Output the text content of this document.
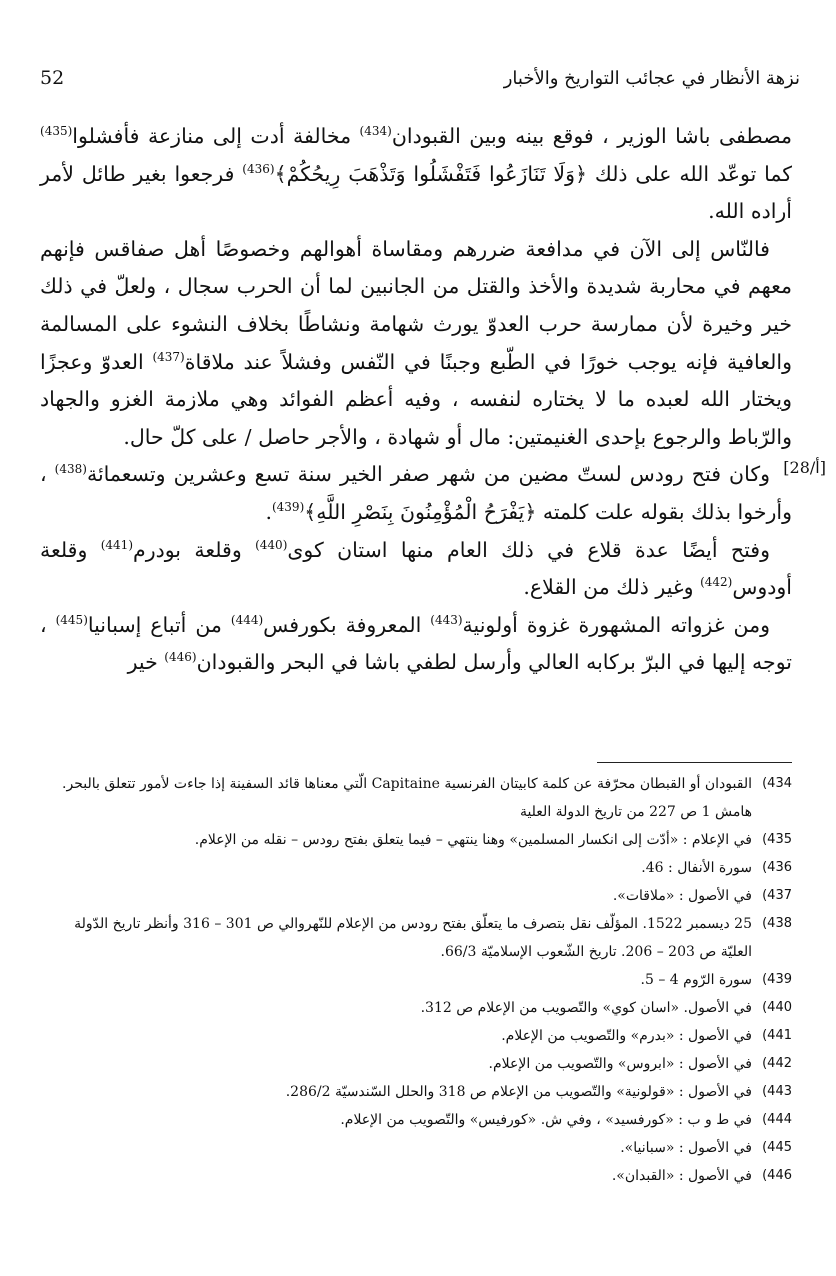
52	نزهة الأنظار في عجائب التواريخ والأخبار
[28/أ]

مصطفى باشا الوزير ، فوقع بينه وبين القبودان$^{(434)}$ مخالفة أدت إلى منازعة فأفشلوا$^{(435)}$ كما توعّد الله على ذلك ﴿وَلَا تَنَازَعُوا فَتَفْشَلُوا وَتَذْهَبَ رِيحُكُمْ﴾$^{(436)}$ فرجعوا بغير طائل لأمر أراده الله.

فالنّاس إلى الآن في مدافعة ضررهم ومقاساة أهوالهم وخصوصًا أهل صفاقس فإنهم معهم في محاربة شديدة والأخذ والقتل من الجانبين لما أن الحرب سجال ، ولعلّ في ذلك خير وخيرة لأن ممارسة حرب العدوّ يورث شهامة ونشاطًا بخلاف النشوء على المسالمة والعافية فإنه يوجب خورًا في الطّبع وجبنًا في النّفس وفشلاً عند ملاقاة$^{(437)}$ العدوّ وعجزًا ويختار الله لعبده ما لا يختاره لنفسه ، وفيه أعظم الفوائد وهي ملازمة الغزو والجهاد والرّباط والرجوع بإحدى الغنيمتين: مال أو شهادة ، والأجر حاصل / على كلّ حال.

وكان فتح رودس لستّ مضين من شهر صفر الخير سنة تسع وعشرين وتسعمائة$^{(438)}$ ، وأرخوا بذلك بقوله علت كلمته ﴿يَفْرَحُ الْمُؤْمِنُونَ بِنَصْرِ اللَّهِ﴾$^{(439)}$.

وفتح أيضًا عدة قلاع في ذلك العام منها استان كوى$^{(440)}$ وقلعة بودرم$^{(441)}$ وقلعة أودوس$^{(442)}$ وغير ذلك من القلاع.

ومن غزواته المشهورة غزوة أولونية$^{(443)}$ المعروفة بكورفس$^{(444)}$ من أتباع إسبانيا$^{(445)}$ ، توجه إليها في البرّ بركابه العالي وأرسل لطفي باشا في البحر والقبودان$^{(446)}$ خير

434)
القبودان أو القبطان محرّفة عن كلمة كابيتان الفرنسية Capitaine الّتي معناها قائد السفينة إذا جاءت لأمور تتعلق بالبحر. هامش 1 ص 227 من تاريخ الدولة العلية
435)
في الإعلام : «أدّت إلى انكسار المسلمين» وهنا ينتهي – فيما يتعلق بفتح رودس – نقله من الإعلام.
436)
سورة الأنفال : 46.
437)
في الأصول : «ملاقات».
438)
25 ديسمبر 1522. المؤلّف نقل بتصرف ما يتعلّق بفتح رودس من الإعلام للنّهروالي ص 301 – 316 وأنظر تاريخ الدّولة العليّة ص 203 – 206. تاريخ الشّعوب الإسلاميّة 66/3.
439)
سورة الرّوم 4 – 5.
440)
في الأصول. «اسان كوي» والتّصويب من الإعلام ص 312.
441)
في الأصول : «بدرم» والتّصويب من الإعلام.
442)
في الأصول : «ابروس» والتّصويب من الإعلام.
443)
في الأصول : «قولونية» والتّصويب من الإعلام ص 318 والحلل السّندسيّة 286/2.
444)
في ط و ب : «كورفسيد» ، وفي ش. «كورفيس» والتّصويب من الإعلام.
445)
في الأصول : «سبانيا».
446)
في الأصول : «القبدان».
